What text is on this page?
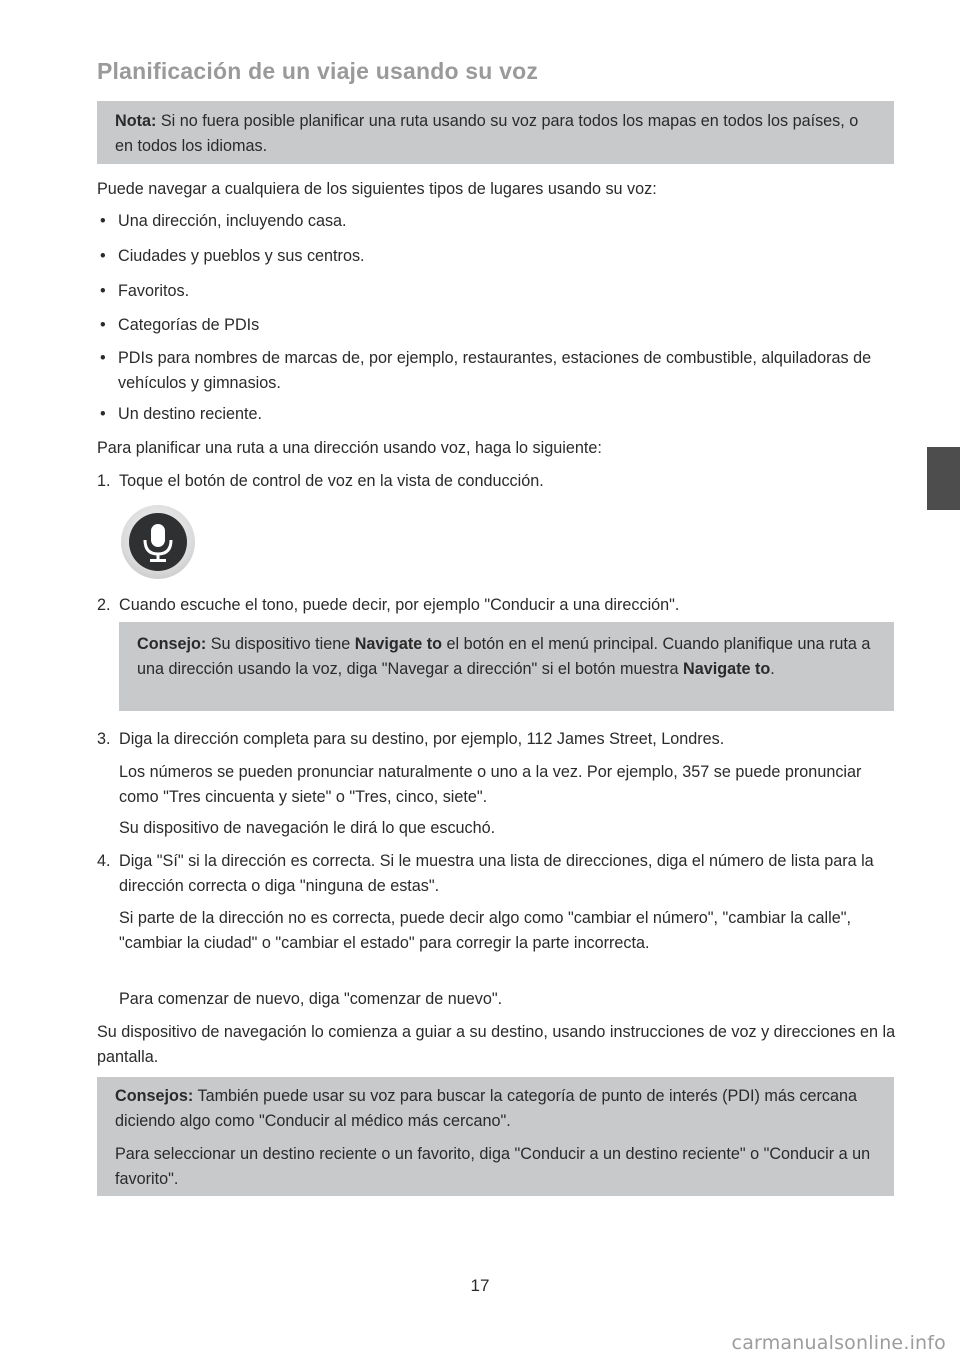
Planificación de un viaje usando su voz

Nota: Si no fuera posible planificar una ruta usando su voz para todos los mapas en todos los países, o en todos los idiomas.

Puede navegar a cualquiera de los siguientes tipos de lugares usando su voz:

• Una dirección, incluyendo casa.

• Ciudades y pueblos y sus centros.

• Favoritos.

• Categorías de PDIs

• PDIs para nombres de marcas de, por ejemplo, restaurantes, estaciones de combustible, alquiladoras de vehículos y gimnasios.

• Un destino reciente.

Para planificar una ruta a una dirección usando voz, haga lo siguiente:

1. Toque el botón de control de voz en la vista de conducción.

2. Cuando escuche el tono, puede decir, por ejemplo "Conducir a una dirección".

Consejo: Su dispositivo tiene Navigate to el botón en el menú principal. Cuando planifique una ruta a una dirección usando la voz, diga "Navegar a dirección" si el botón muestra Navigate to.

3. Diga la dirección completa para su destino, por ejemplo, 112 James Street, Londres.

Los números se pueden pronunciar naturalmente o uno a la vez. Por ejemplo, 357 se puede pronunciar como "Tres cincuenta y siete" o "Tres, cinco, siete".

Su dispositivo de navegación le dirá lo que escuchó.

4. Diga "Sí" si la dirección es correcta. Si le muestra una lista de direcciones, diga el número de lista para la dirección correcta o diga "ninguna de estas".

Si parte de la dirección no es correcta, puede decir algo como "cambiar el número", "cambiar la calle", "cambiar la ciudad" o "cambiar el estado" para corregir la parte incorrecta.

Para comenzar de nuevo, diga "comenzar de nuevo".

Su dispositivo de navegación lo comienza a guiar a su destino, usando instrucciones de voz y direcciones en la pantalla.

Consejos: También puede usar su voz para buscar la categoría de punto de interés (PDI) más cercana diciendo algo como "Conducir al médico más cercano".

Para seleccionar un destino reciente o un favorito, diga "Conducir a un destino reciente" o "Conducir a un favorito".

17
carmanualsonline.info
